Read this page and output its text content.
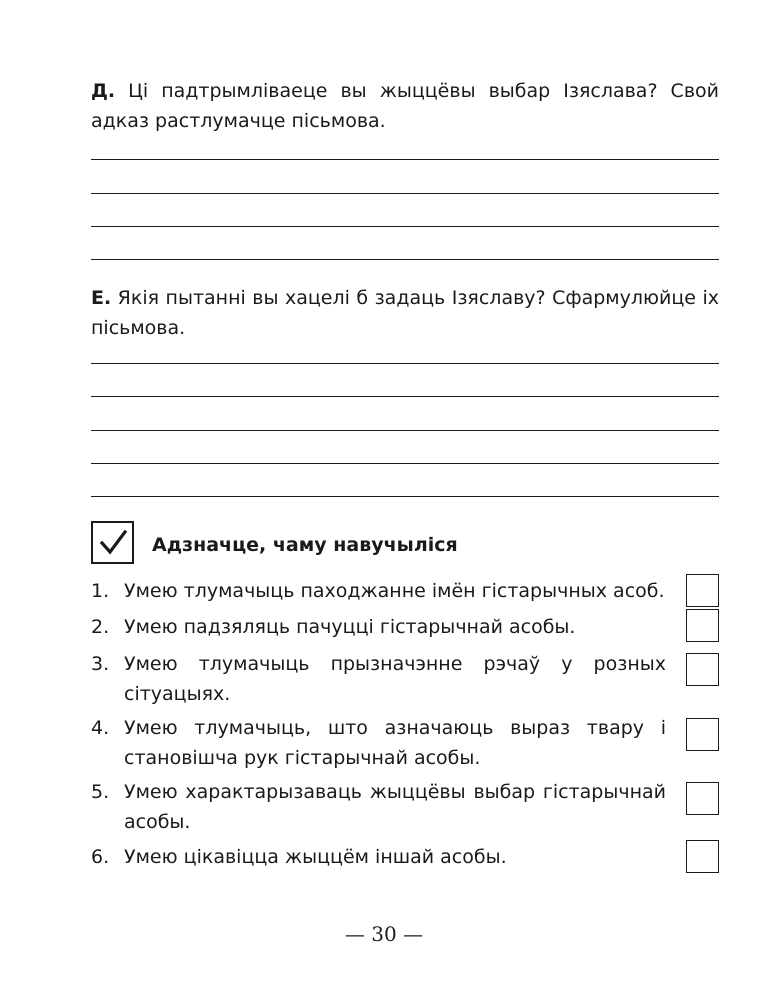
Д. Ці падтрымліваеце вы жыццёвы выбар Ізяслава? Свой адказ растлумачце пісьмова.
Е. Якія пытанні вы хацелі б задаць Ізяславу? Сфармулюйце іх пісьмова.
Адзначце, чаму навучыліся
1. Умею тлумачыць паходжанне імён гістарычных асоб.
2. Умею падзяляць пачуцці гістарычнай асобы.
3. Умею тлумачыць прызначэнне рэчаў у розных сітуацыях.
4. Умею тлумачыць, што азначаюць выраз твару і становішча рук гістарычнай асобы.
5. Умею характарызаваць жыццёвы выбар гістарычнай асобы.
6. Умею цікавіцца жыццём іншай асобы.
— 30 —
